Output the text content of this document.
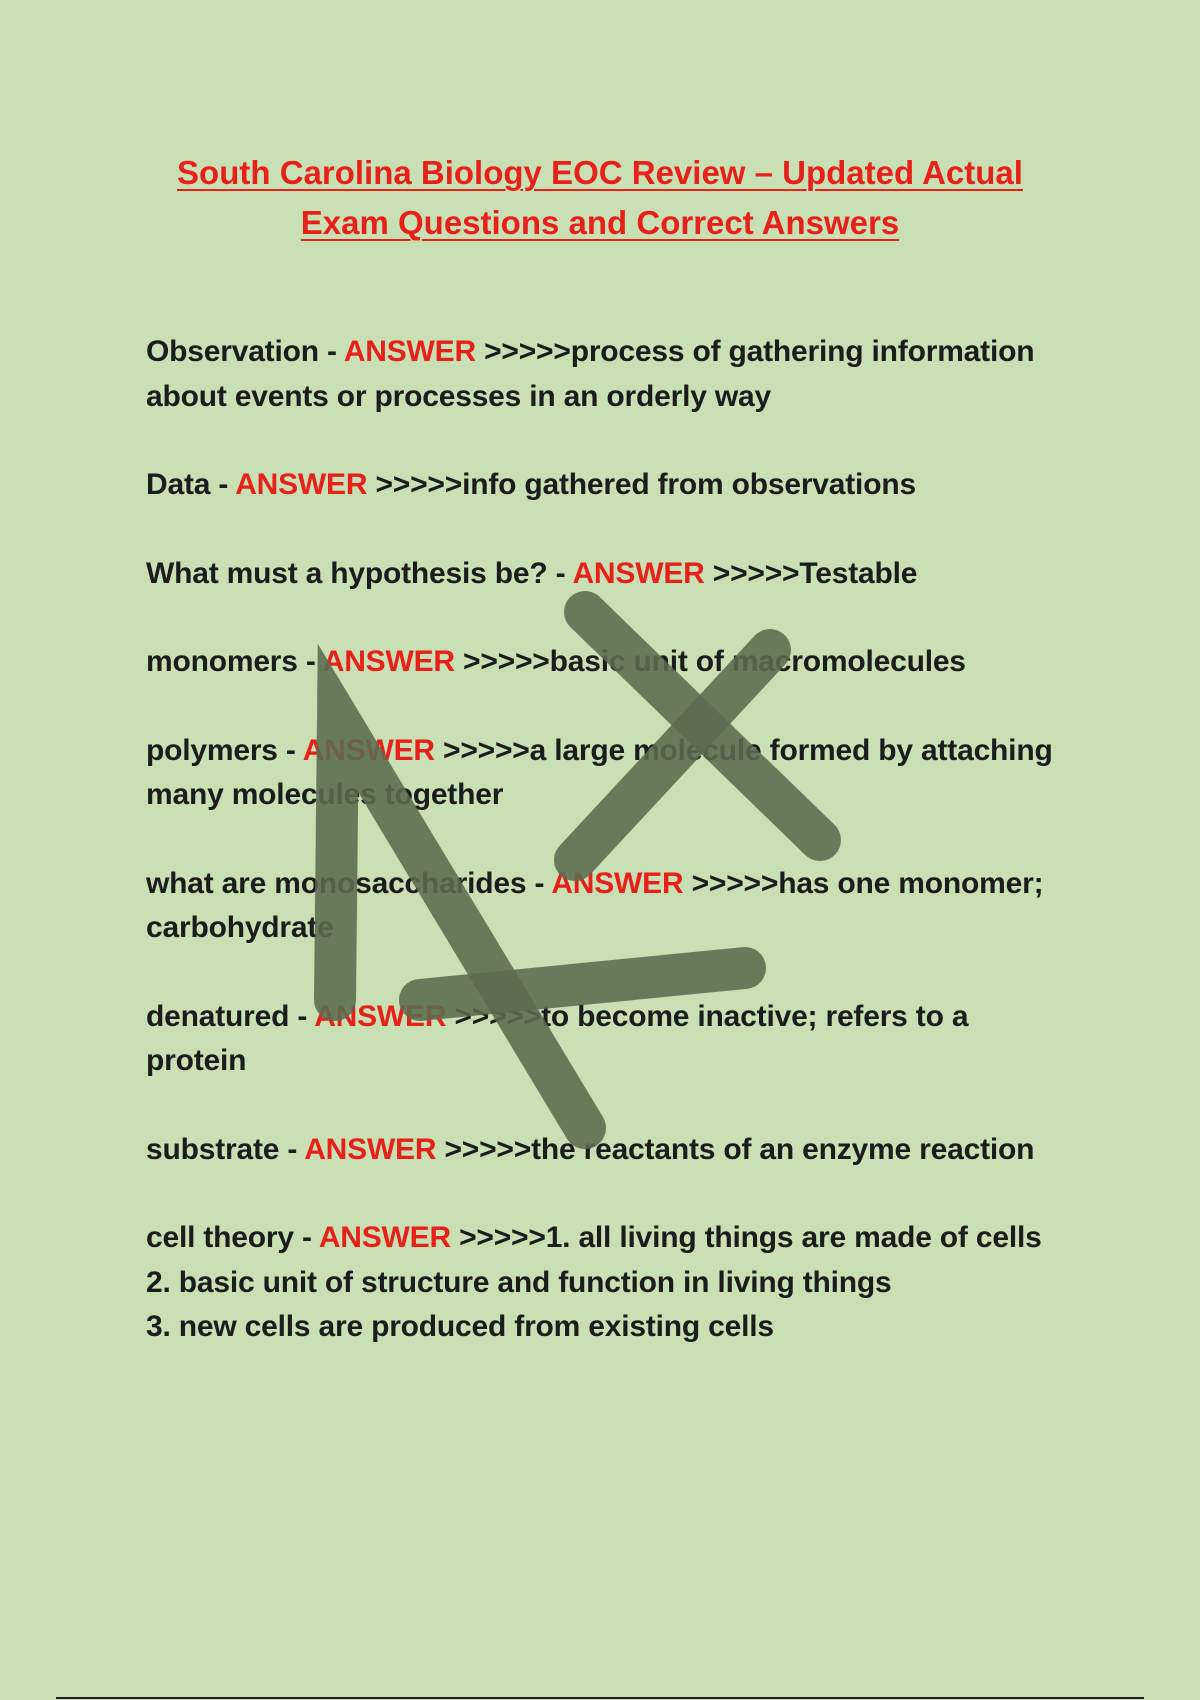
South Carolina Biology EOC Review – Updated Actual
Exam Questions and Correct Answers
Observation - ANSWER >>>>>process of gathering information about events or processes in an orderly way
Data - ANSWER >>>>>info gathered from observations
What must a hypothesis be? - ANSWER >>>>>Testable
monomers - ANSWER >>>>>basic unit of macromolecules
polymers - ANSWER >>>>>a large molecule formed by attaching many molecules together
what are monosaccharides - ANSWER >>>>>has one monomer; carbohydrate
denatured - ANSWER >>>>>to become inactive; refers to a protein
substrate - ANSWER >>>>>the reactants of an enzyme reaction
cell theory - ANSWER >>>>>1. all living things are made of cells
2. basic unit of structure and function in living things
3. new cells are produced from existing cells
